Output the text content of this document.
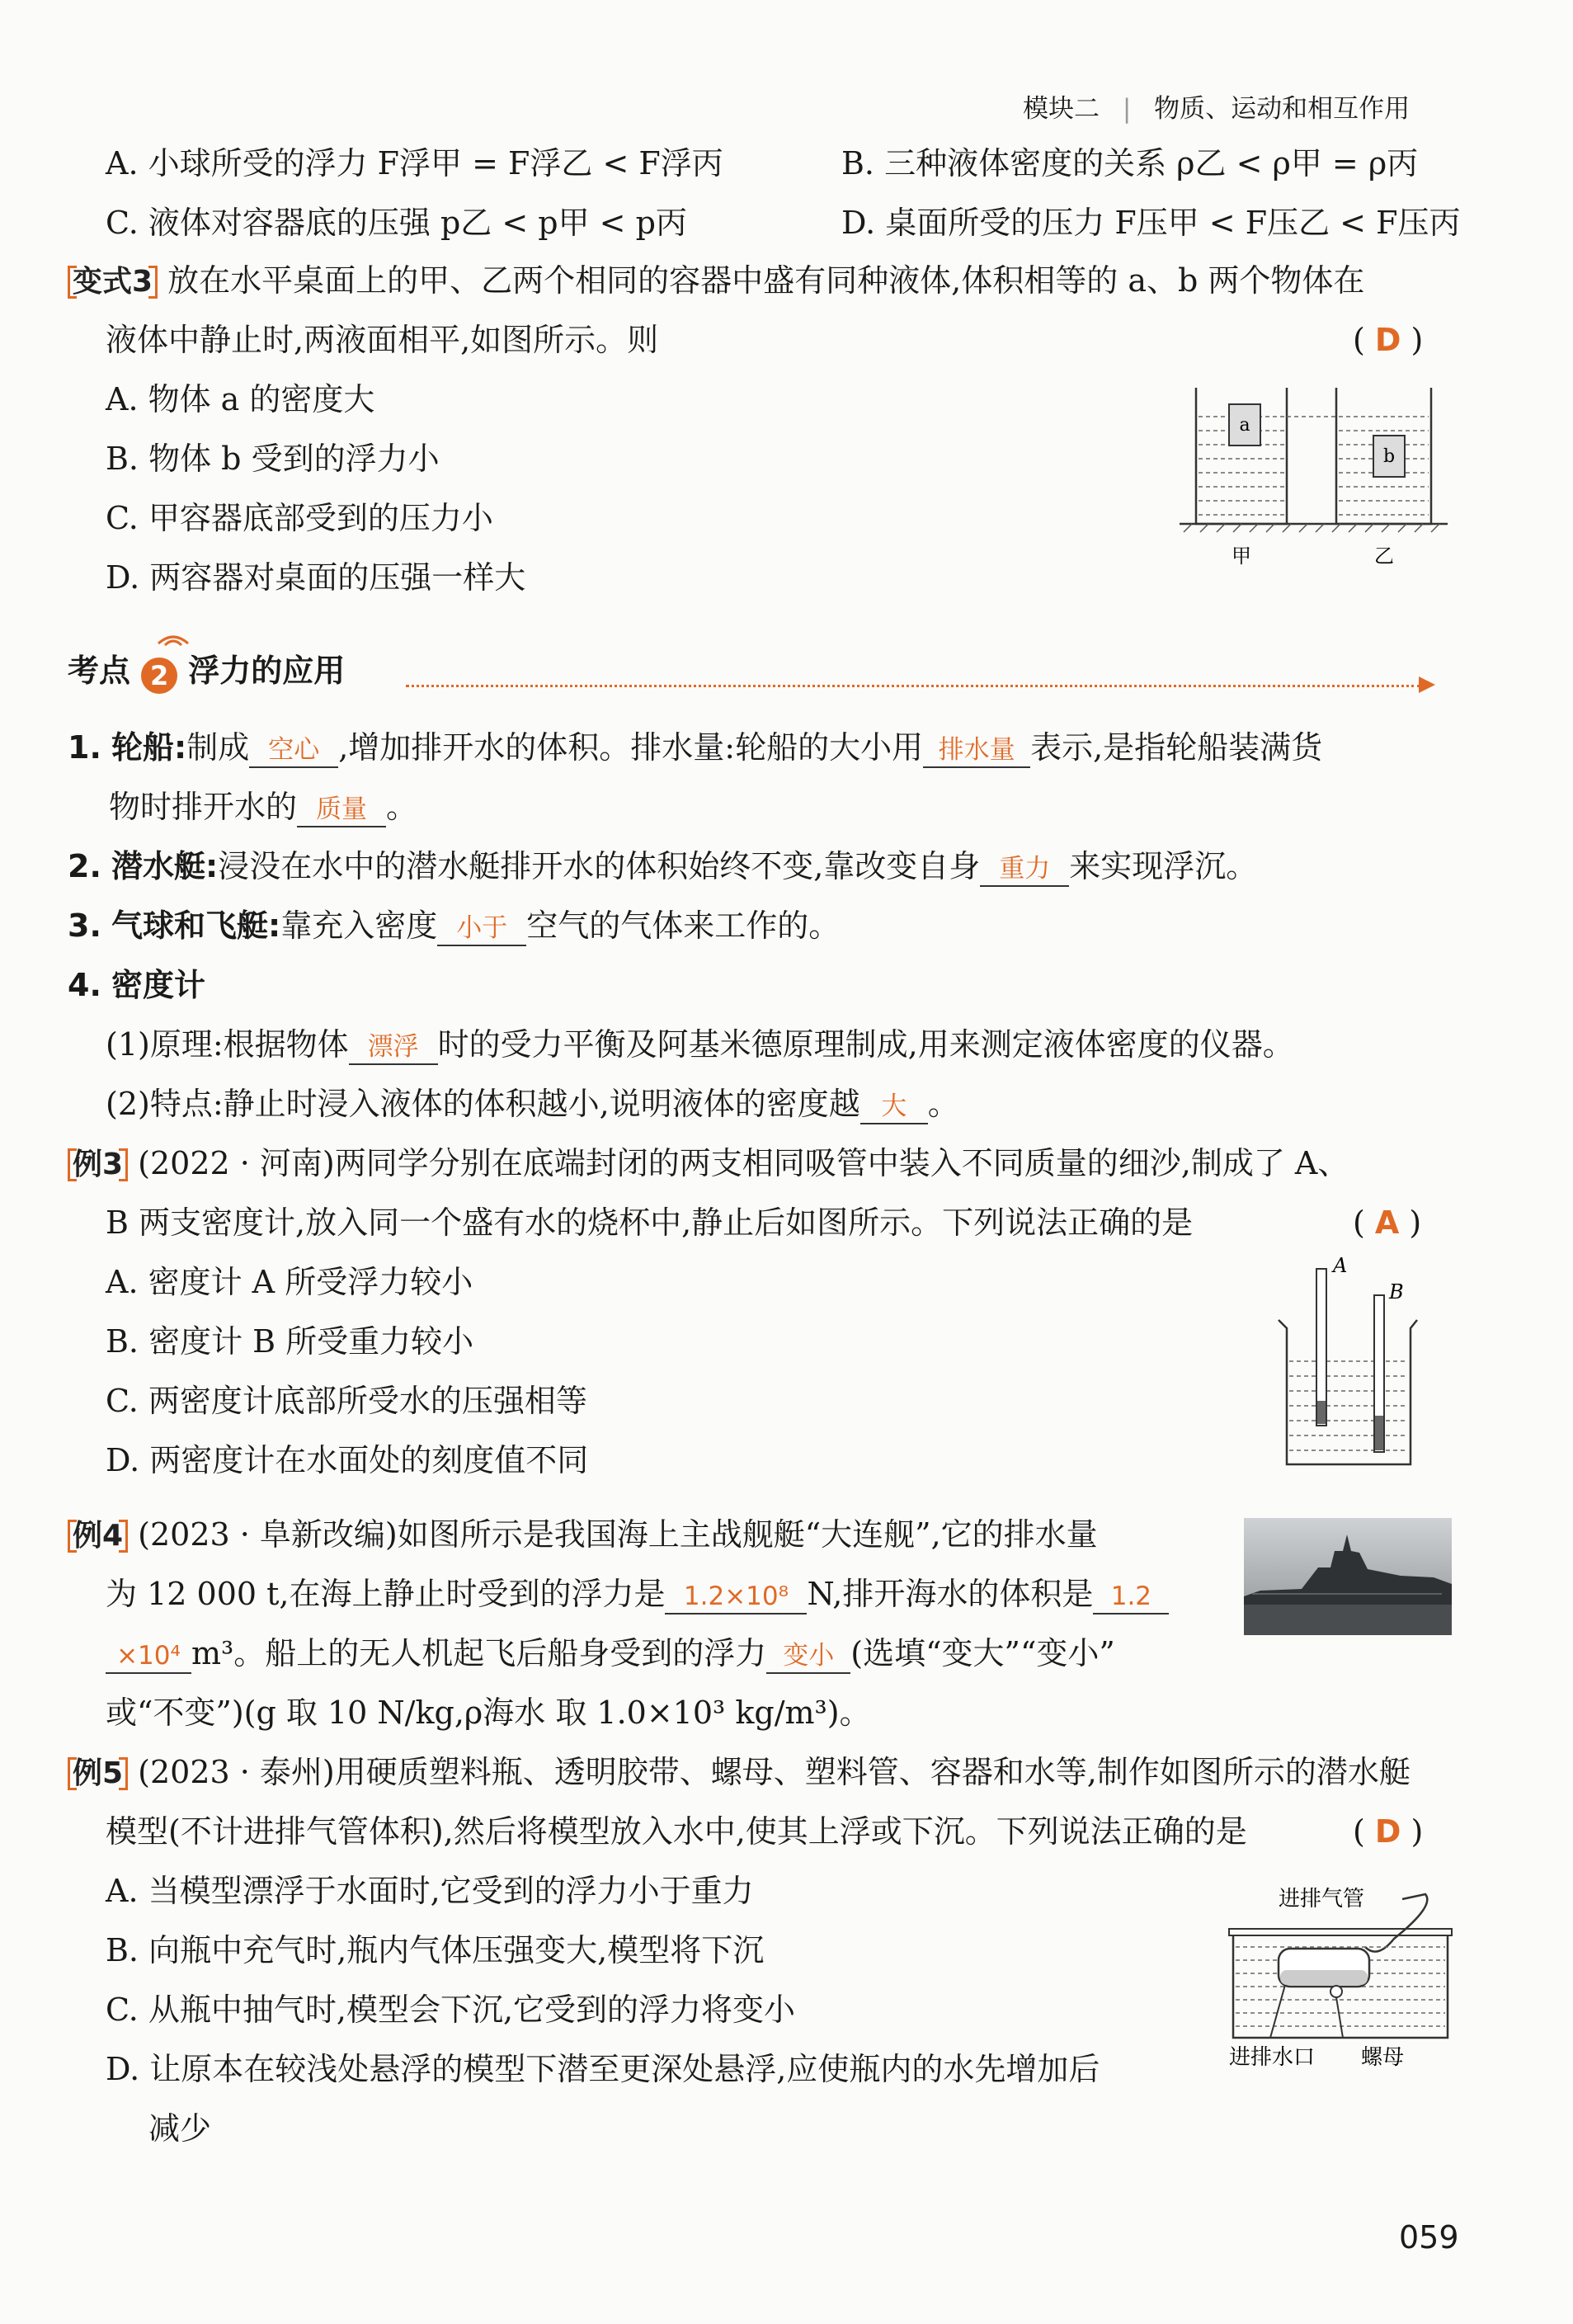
模块二 | 物质、运动和相互作用
A. 小球所受的浮力 F浮甲 = F浮乙 < F浮丙	B. 三种液体密度的关系 ρ乙 < ρ甲 = ρ丙
C. 液体对容器底的压强 p乙 < p甲 < p丙	D. 桌面所受的压力 F压甲 < F压乙 < F压丙
变式3 放在水平桌面上的甲、乙两个相同的容器中盛有同种液体,体积相等的 a、b 两个物体在
液体中静止时,两液面相平,如图所示。则	( D )
A. 物体 a 的密度大
B. 物体 b 受到的浮力小
C. 甲容器底部受到的压力小
D. 两容器对桌面的压强一样大
a
b
甲	乙
考点 2 浮力的应用
1. 轮船:制成 空心 ,增加排开水的体积。排水量:轮船的大小用 排水量 表示,是指轮船装满货
物时排开水的 质量 。
2. 潜水艇:浸没在水中的潜水艇排开水的体积始终不变,靠改变自身 重力 来实现浮沉。
3. 气球和飞艇:靠充入密度 小于 空气的气体来工作的。
4. 密度计
(1)原理:根据物体 漂浮 时的受力平衡及阿基米德原理制成,用来测定液体密度的仪器。
(2)特点:静止时浸入液体的体积越小,说明液体的密度越 大 。
例3 (2022 · 河南)两同学分别在底端封闭的两支相同吸管中装入不同质量的细沙,制成了 A、
B 两支密度计,放入同一个盛有水的烧杯中,静止后如图所示。下列说法正确的是	( A )
A. 密度计 A 所受浮力较小
B. 密度计 B 所受重力较小
C. 两密度计底部所受水的压强相等
D. 两密度计在水面处的刻度值不同
A
B
例4 (2023 · 阜新改编)如图所示是我国海上主战舰艇“大连舰”,它的排水量
为 12 000 t,在海上静止时受到的浮力是 1.2×10⁸ N,排开海水的体积是 1.2
×10⁴ m³。船上的无人机起飞后船身受到的浮力 变小 (选填“变大”“变小”
或“不变”)(g 取 10 N/kg,ρ海水 取 1.0×10³ kg/m³)。
例5 (2023 · 泰州)用硬质塑料瓶、透明胶带、螺母、塑料管、容器和水等,制作如图所示的潜水艇
模型(不计进排气管体积),然后将模型放入水中,使其上浮或下沉。下列说法正确的是	( D )
A. 当模型漂浮于水面时,它受到的浮力小于重力
B. 向瓶中充气时,瓶内气体压强变大,模型将下沉
C. 从瓶中抽气时,模型会下沉,它受到的浮力将变小
D. 让原本在较浅处悬浮的模型下潜至更深处悬浮,应使瓶内的水先增加后
减少
进排气管
进排水口 螺母
059
